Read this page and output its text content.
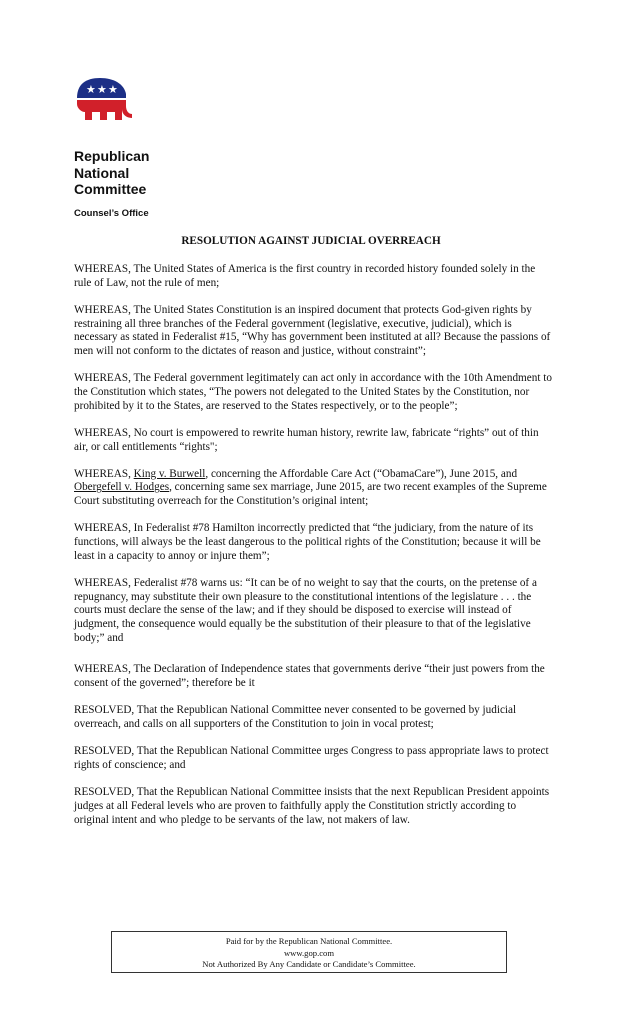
★ ★ ★
Republican
National
Committee
Counsel’s Office
RESOLUTION AGAINST JUDICIAL OVERREACH

WHEREAS, The United States of America is the first country in recorded history founded solely in the rule of Law, not the rule of men;

WHEREAS, The United States Constitution is an inspired document that protects God-given rights by restraining all three branches of the Federal government (legislative, executive, judicial), which is necessary as stated in Federalist #15, “Why has government been instituted at all? Because the passions of men will not conform to the dictates of reason and justice, without constraint”;

WHEREAS, The Federal government legitimately can act only in accordance with the 10th Amendment to the Constitution which states, “The powers not delegated to the United States by the Constitution, nor prohibited by it to the States, are reserved to the States respectively, or to the people”;

WHEREAS, No court is empowered to rewrite human history, rewrite law, fabricate “rights” out of thin air, or call entitlements “rights";

WHEREAS, King v. Burwell, concerning the Affordable Care Act (“ObamaCare”), June 2015, and Obergefell v. Hodges, concerning same sex marriage, June 2015, are two recent examples of the Supreme Court substituting overreach for the Constitution’s original intent;

WHEREAS, In Federalist #78 Hamilton incorrectly predicted that “the judiciary, from the nature of its functions, will always be the least dangerous to the political rights of the Constitution; because it will be least in a capacity to annoy or injure them”;

WHEREAS, Federalist #78 warns us: “It can be of no weight to say that the courts, on the pretense of a repugnancy, may substitute their own pleasure to the constitutional intentions of the legislature . . . the courts must declare the sense of the law; and if they should be disposed to exercise will instead of judgment, the consequence would equally be the substitution of their pleasure to that of the legislative body;” and

WHEREAS, The Declaration of Independence states that governments derive “their just powers from the consent of the governed”; therefore be it

RESOLVED, That the Republican National Committee never consented to be governed by judicial overreach, and calls on all supporters of the Constitution to join in vocal protest;

RESOLVED, That the Republican National Committee urges Congress to pass appropriate laws to protect rights of conscience; and

RESOLVED, That the Republican National Committee insists that the next Republican President appoints judges at all Federal levels who are proven to faithfully apply the Constitution strictly according to original intent and who pledge to be servants of the law, not makers of law.

Paid for by the Republican National Committee.
www.gop.com
Not Authorized By Any Candidate or Candidate’s Committee.
